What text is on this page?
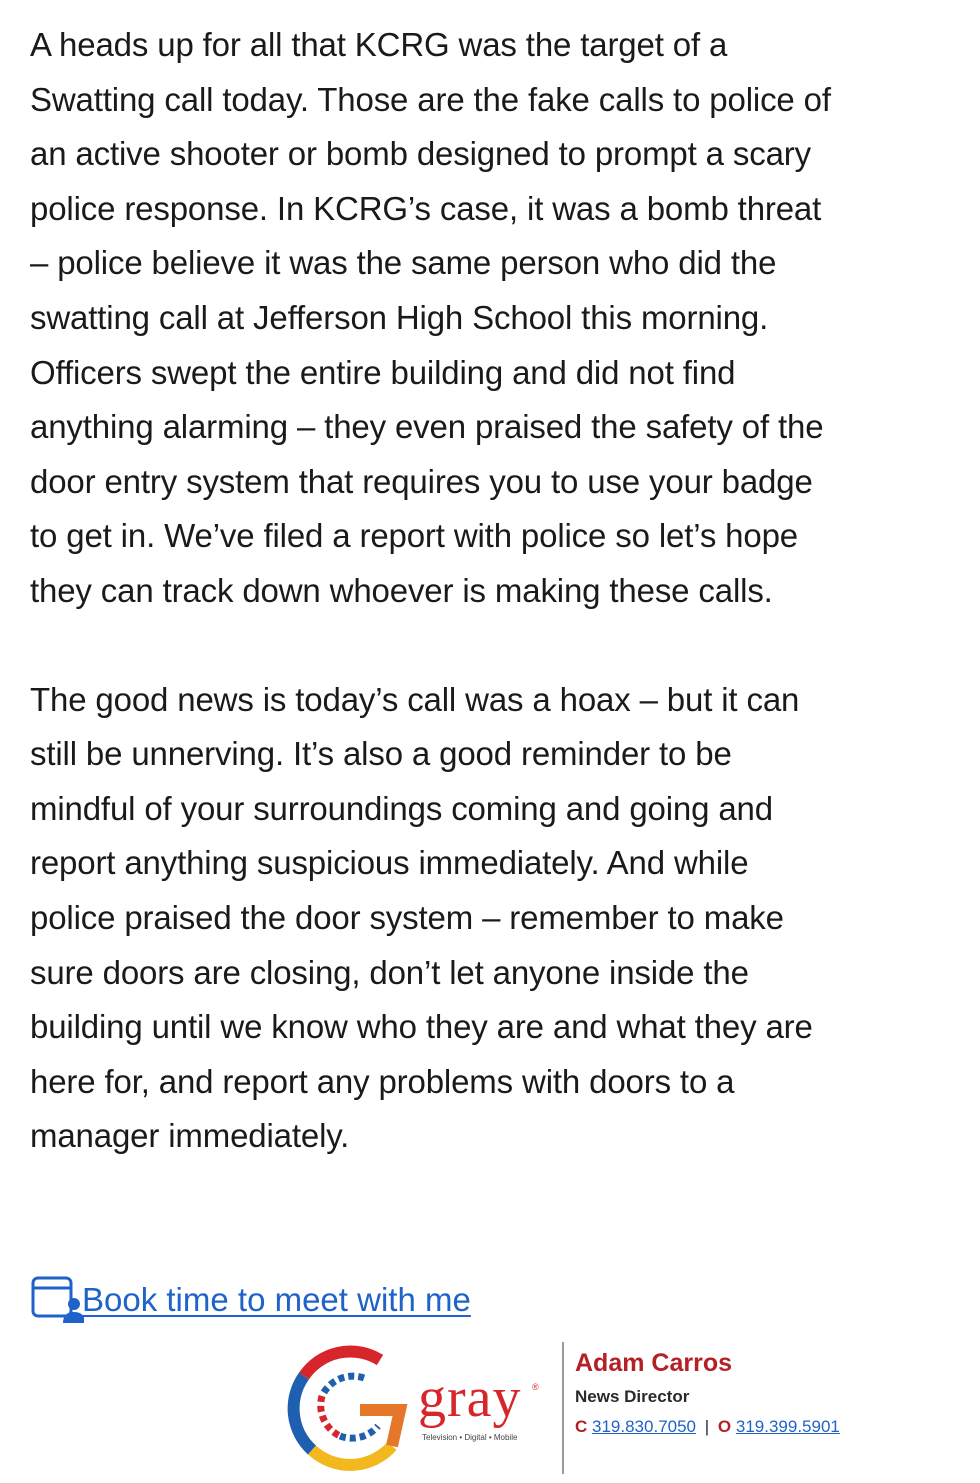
A heads up for all that KCRG was the target of a
Swatting call today. Those are the fake calls to police of
an active shooter or bomb designed to prompt a scary
police response. In KCRG’s case, it was a bomb threat
– police believe it was the same person who did the
swatting call at Jefferson High School this morning.
Officers swept the entire building and did not find
anything alarming – they even praised the safety of the
door entry system that requires you to use your badge
to get in. We’ve filed a report with police so let’s hope
they can track down whoever is making these calls.

The good news is today’s call was a hoax – but it can
still be unnerving. It’s also a good reminder to be
mindful of your surroundings coming and going and
report anything suspicious immediately. And while
police praised the door system – remember to make
sure doors are closing, don’t let anyone inside the
building until we know who they are and what they are
here for, and report any problems with doors to a
manager immediately.

Book time to meet with me
gray ®
Television • Digital • Mobile
Adam Carros
News Director
C 319.830.7050 | O 319.399.5901
